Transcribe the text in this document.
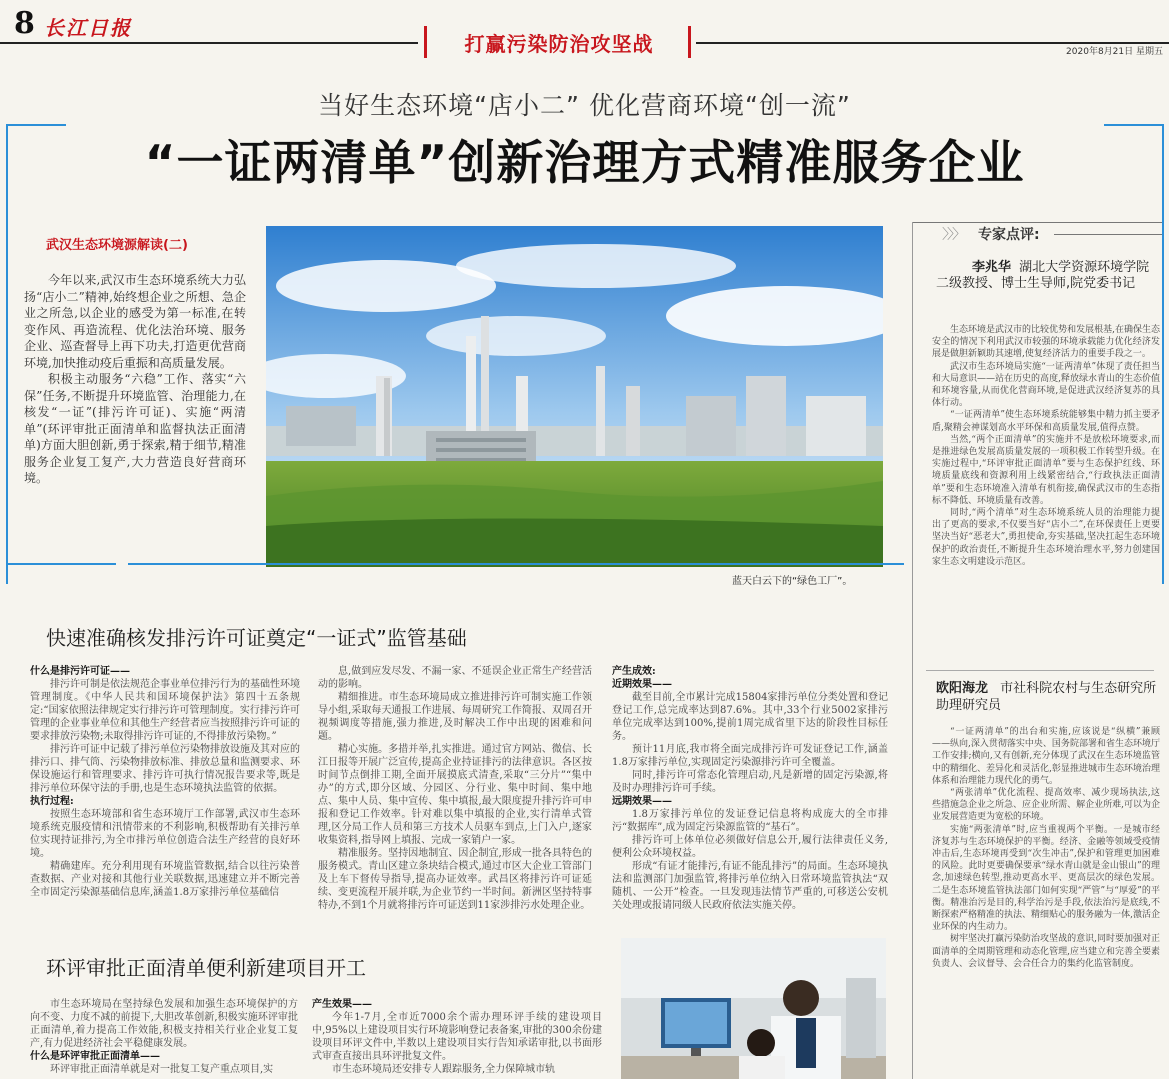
8 长江日报
打赢污染防治攻坚战	2020年8月21日 星期五
当好生态环境“店小二” 优化营商环境“创一流”
“一证两清单”创新治理方式精准服务企业
武汉生态环境源解读(二)

今年以来,武汉市生态环境系统大力弘扬“店小二”精神,始终想企业之所想、急企业之所急,以企业的感受为第一标准,在转变作风、再造流程、优化法治环境、服务企业、巡查督导上再下功夫,打造更优营商环境,加快推动疫后重振和高质量发展。

积极主动服务“六稳”工作、落实“六保”任务,不断提升环境监管、治理能力,在核发“一证”(排污许可证)、实施“两清单”(环评审批正面清单和监督执法正面清单)方面大胆创新,勇于探索,精于细节,精准服务企业复工复产,大力营造良好营商环境。

蓝天白云下的“绿色工厂”。
快速准确核发排污许可证奠定“一证式”监管基础
什么是排污许可证——

排污许可制是依法规范企事业单位排污行为的基础性环境管理制度。《中华人民共和国环境保护法》第四十五条规定:“国家依照法律规定实行排污许可管理制度。实行排污许可管理的企业事业单位和其他生产经营者应当按照排污许可证的要求排放污染物;未取得排污许可证的,不得排放污染物。”

排污许可证中记载了排污单位污染物排放设施及其对应的排污口、排气筒、污染物排放标准、排放总量和监测要求、环保设施运行和管理要求、排污许可执行情况报告要求等,既是排污单位环保守法的手册,也是生态环境执法监管的依据。

执行过程:

按照生态环境部和省生态环境厅工作部署,武汉市生态环境系统克服疫情和汛情带来的不利影响,积极帮助有关排污单位实现持证排污,为全市排污单位创造合法生产经营的良好环境。

精确建库。充分利用现有环境监管数据,结合以往污染普查数据、产业对接和其他行业关联数据,迅速建立并不断完善全市固定污染源基础信息库,涵盖1.8万家排污单位基础信

息,做到应发尽发、不漏一家、不延误企业正常生产经营活动的影响。

精细推进。市生态环境局成立推进排污许可制实施工作领导小组,采取每天通报工作进展、每周研究工作简报、双周召开视频调度等措施,强力推进,及时解决工作中出现的困难和问题。

精心实施。多措并举,扎实推进。通过官方网站、微信、长江日报等开展广泛宣传,提高企业持证排污的法律意识。各区按时间节点倒排工期,全面开展摸底式清查,采取“三分片”“集中办”的方式,即分区域、分园区、分行业、集中时间、集中地点、集中人员、集中宣传、集中填报,最大限度提升排污许可申报和登记工作效率。针对难以集中填报的企业,实行清单式管理,区分局工作人员和第三方技术人员驱车到点,上门入户,逐家收集资料,指导网上填报、完成一家销户一家。

精准服务。坚持因地制宜、因企制宜,形成一批各具特色的服务模式。青山区建立条块结合模式,通过市区大企业工管部门及上车下督传导指导,提高办证效率。武昌区将排污许可证延续、变更流程开展并联,为企业节约一半时间。新洲区坚持特事特办,不到1个月就将排污许可证送到11家涉排污水处理企业。

产生成效:
近期效果——

截至目前,全市累计完成15804家排污单位分类处置和登记登记工作,总完成率达到87.6%。其中,33个行业5002家排污单位完成率达到100%,提前1周完成省里下达的阶段性目标任务。

预计11月底,我市将全面完成排污许可发证登记工作,涵盖1.8万家排污单位,实现固定污染源排污许可全覆盖。

同时,排污许可常态化管理启动,凡是新增的固定污染源,将及时办理排污许可手续。

远期效果——

1.8万家排污单位的发证登记信息将构成庞大的全市排污“数据库”,成为固定污染源监管的“基石”。

排污许可上体单位必须做好信息公开,履行法律责任义务,便利公众环境权益。

形成“有证才能排污,有证不能乱排污”的局面。生态环境执法和监测部门加强监管,将排污单位纳入日常环境监管执法“双随机、一公开”检查。一旦发现违法情节严重的,可移送公安机关处理或报请同级人民政府依法实施关停。

环评审批正面清单便利新建项目开工

市生态环境局在坚持绿色发展和加强生态环境保护的方向不变、力度不减的前提下,大胆改革创新,积极实施环评审批正面清单,着力提高工作效能,积极支持相关行业企业复工复产,有力促进经济社会平稳健康发展。

什么是环评审批正面清单——

环评审批正面清单就是对一批复工复产重点项目,实

产生效果——

今年1-7月,全市近7000余个需办理环评手续的建设项目中,95%以上建设项目实行环境影响登记表备案,审批的300余份建设项目环评文件中,半数以上建设项目实行告知承诺审批,以书面形式审查直接出具环评批复文件。

市生态环境局还安排专人跟踪服务,全力保障城市轨

〉〉〉 专家点评:
李兆华 湖北大学资源环境学院二级教授、博士生导师,院党委书记

生态环境是武汉市的比较优势和发展根基,在确保生态安全的情况下利用武汉市较强的环境承载能力优化经济发展是做胆新颖助其速增,使复经济活力的重要手段之一。

武汉市生态环境局实施“一证两清单”体现了责任担当和大局意识——站在历史的高度,释放绿水青山的生态价值和环境容量,从而优化营商环境,是促进武汉经济复苏的具体行动。

“一证两清单”使生态环境系统能够集中精力抓主要矛盾,聚精会神谋划高水平环保和高质量发展,值得点赞。

当然,“两个正面清单”的实施并不是放松环境要求,而是推进绿色发展高质量发展的一项积极工作转型升级。在实施过程中,“环评审批正面清单”要与生态保护红线、环境质量底线和资源利用上线紧密结合,“行政执法正面清单”要和生态环境准入清单有机衔接,确保武汉市的生态指标不降低、环境质量有改善。

同时,“两个清单”对生态环境系统人员的治理能力提出了更高的要求,不仅要当好“店小二”,在环保责任上更要坚决当好“恶老大”,勇担使命,夯实基础,坚决扛起生态环境保护的政治责任,不断提升生态环境治理水平,努力创建国家生态文明建设示范区。

欧阳海龙 市社科院农村与生态研究所助理研究员

“一证两清单”的出台和实施,应该说是“纵横”兼顾——纵向,深入贯彻落实中央、国务院部署和省生态环境厅工作安排;横向,又有创新,充分体现了武汉在生态环境监管中的精细化、差异化和灵活化,彰显推进城市生态环境治理体系和治理能力现代化的勇气。

“两张清单”优化流程、提高效率、减少现场执法,这些措施急企业之所急、应企业所需、解企业所难,可以为企业发展营造更为宽松的环境。

实施“两张清单”时,应当重视两个平衡。一是城市经济复苏与生态环境保护的平衡。经济、金融等领域受疫情冲击后,生态环境再受到“次生冲击”,保护和管理更加困难的风险。此时更要确保要承“绿水青山就是金山银山”的理念,加速绿色转型,推动更高水平、更高层次的绿色发展。二是生态环境监管执法部门如何实现“严管”与“厚爱”的平衡。精准治污是目的,科学治污是手段,依法治污是底线,不断探索严格精准的执法、精细贴心的服务融为一体,激活企业环保的内生动力。

树牢坚决打赢污染防治攻坚战的意识,同时要加强对正面清单的全周期管理和动态化管理,应当建立和完善全要素负责人、会议督导、会合任合力的集约化监管制度。
